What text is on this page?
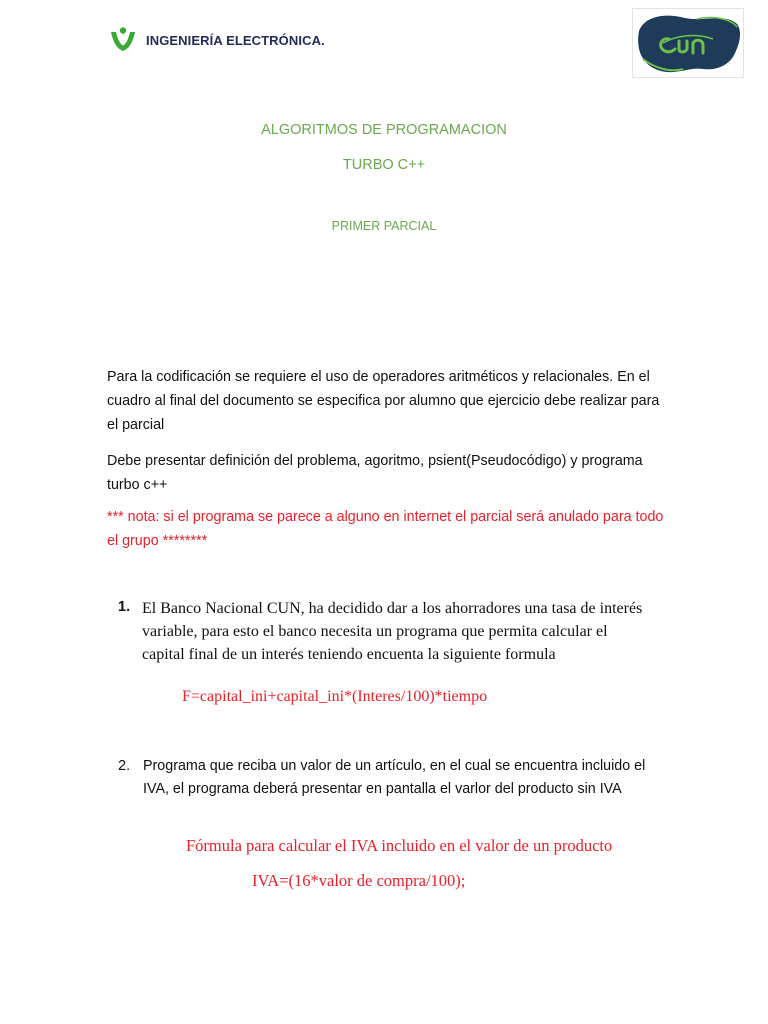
INGENIERÍA ELECTRÓNICA.
ALGORITMOS DE PROGRAMACION
TURBO C++
PRIMER PARCIAL
Para la codificación se requiere el uso de operadores aritméticos y relacionales. En el cuadro al final del documento se especifica por alumno que ejercicio debe realizar para el parcial
Debe presentar definición del problema, agoritmo, psient(Pseudocódigo) y programa turbo c++
*** nota: si el programa se parece a alguno en internet el parcial será anulado para todo el grupo ********
1. El Banco Nacional CUN, ha decidido dar a los ahorradores una tasa de interés variable, para esto el banco necesita un programa que permita calcular el capital final de un interés teniendo encuenta la siguiente formula
F=capital_ini+capital_ini*(Interes/100)*tiempo
2. Programa que reciba un valor de un artículo, en el cual se encuentra incluido el IVA, el programa deberá presentar en pantalla el varlor del producto sin IVA
Fórmula para calcular el IVA incluido en el valor de un producto
IVA=(16*valor de compra/100);
